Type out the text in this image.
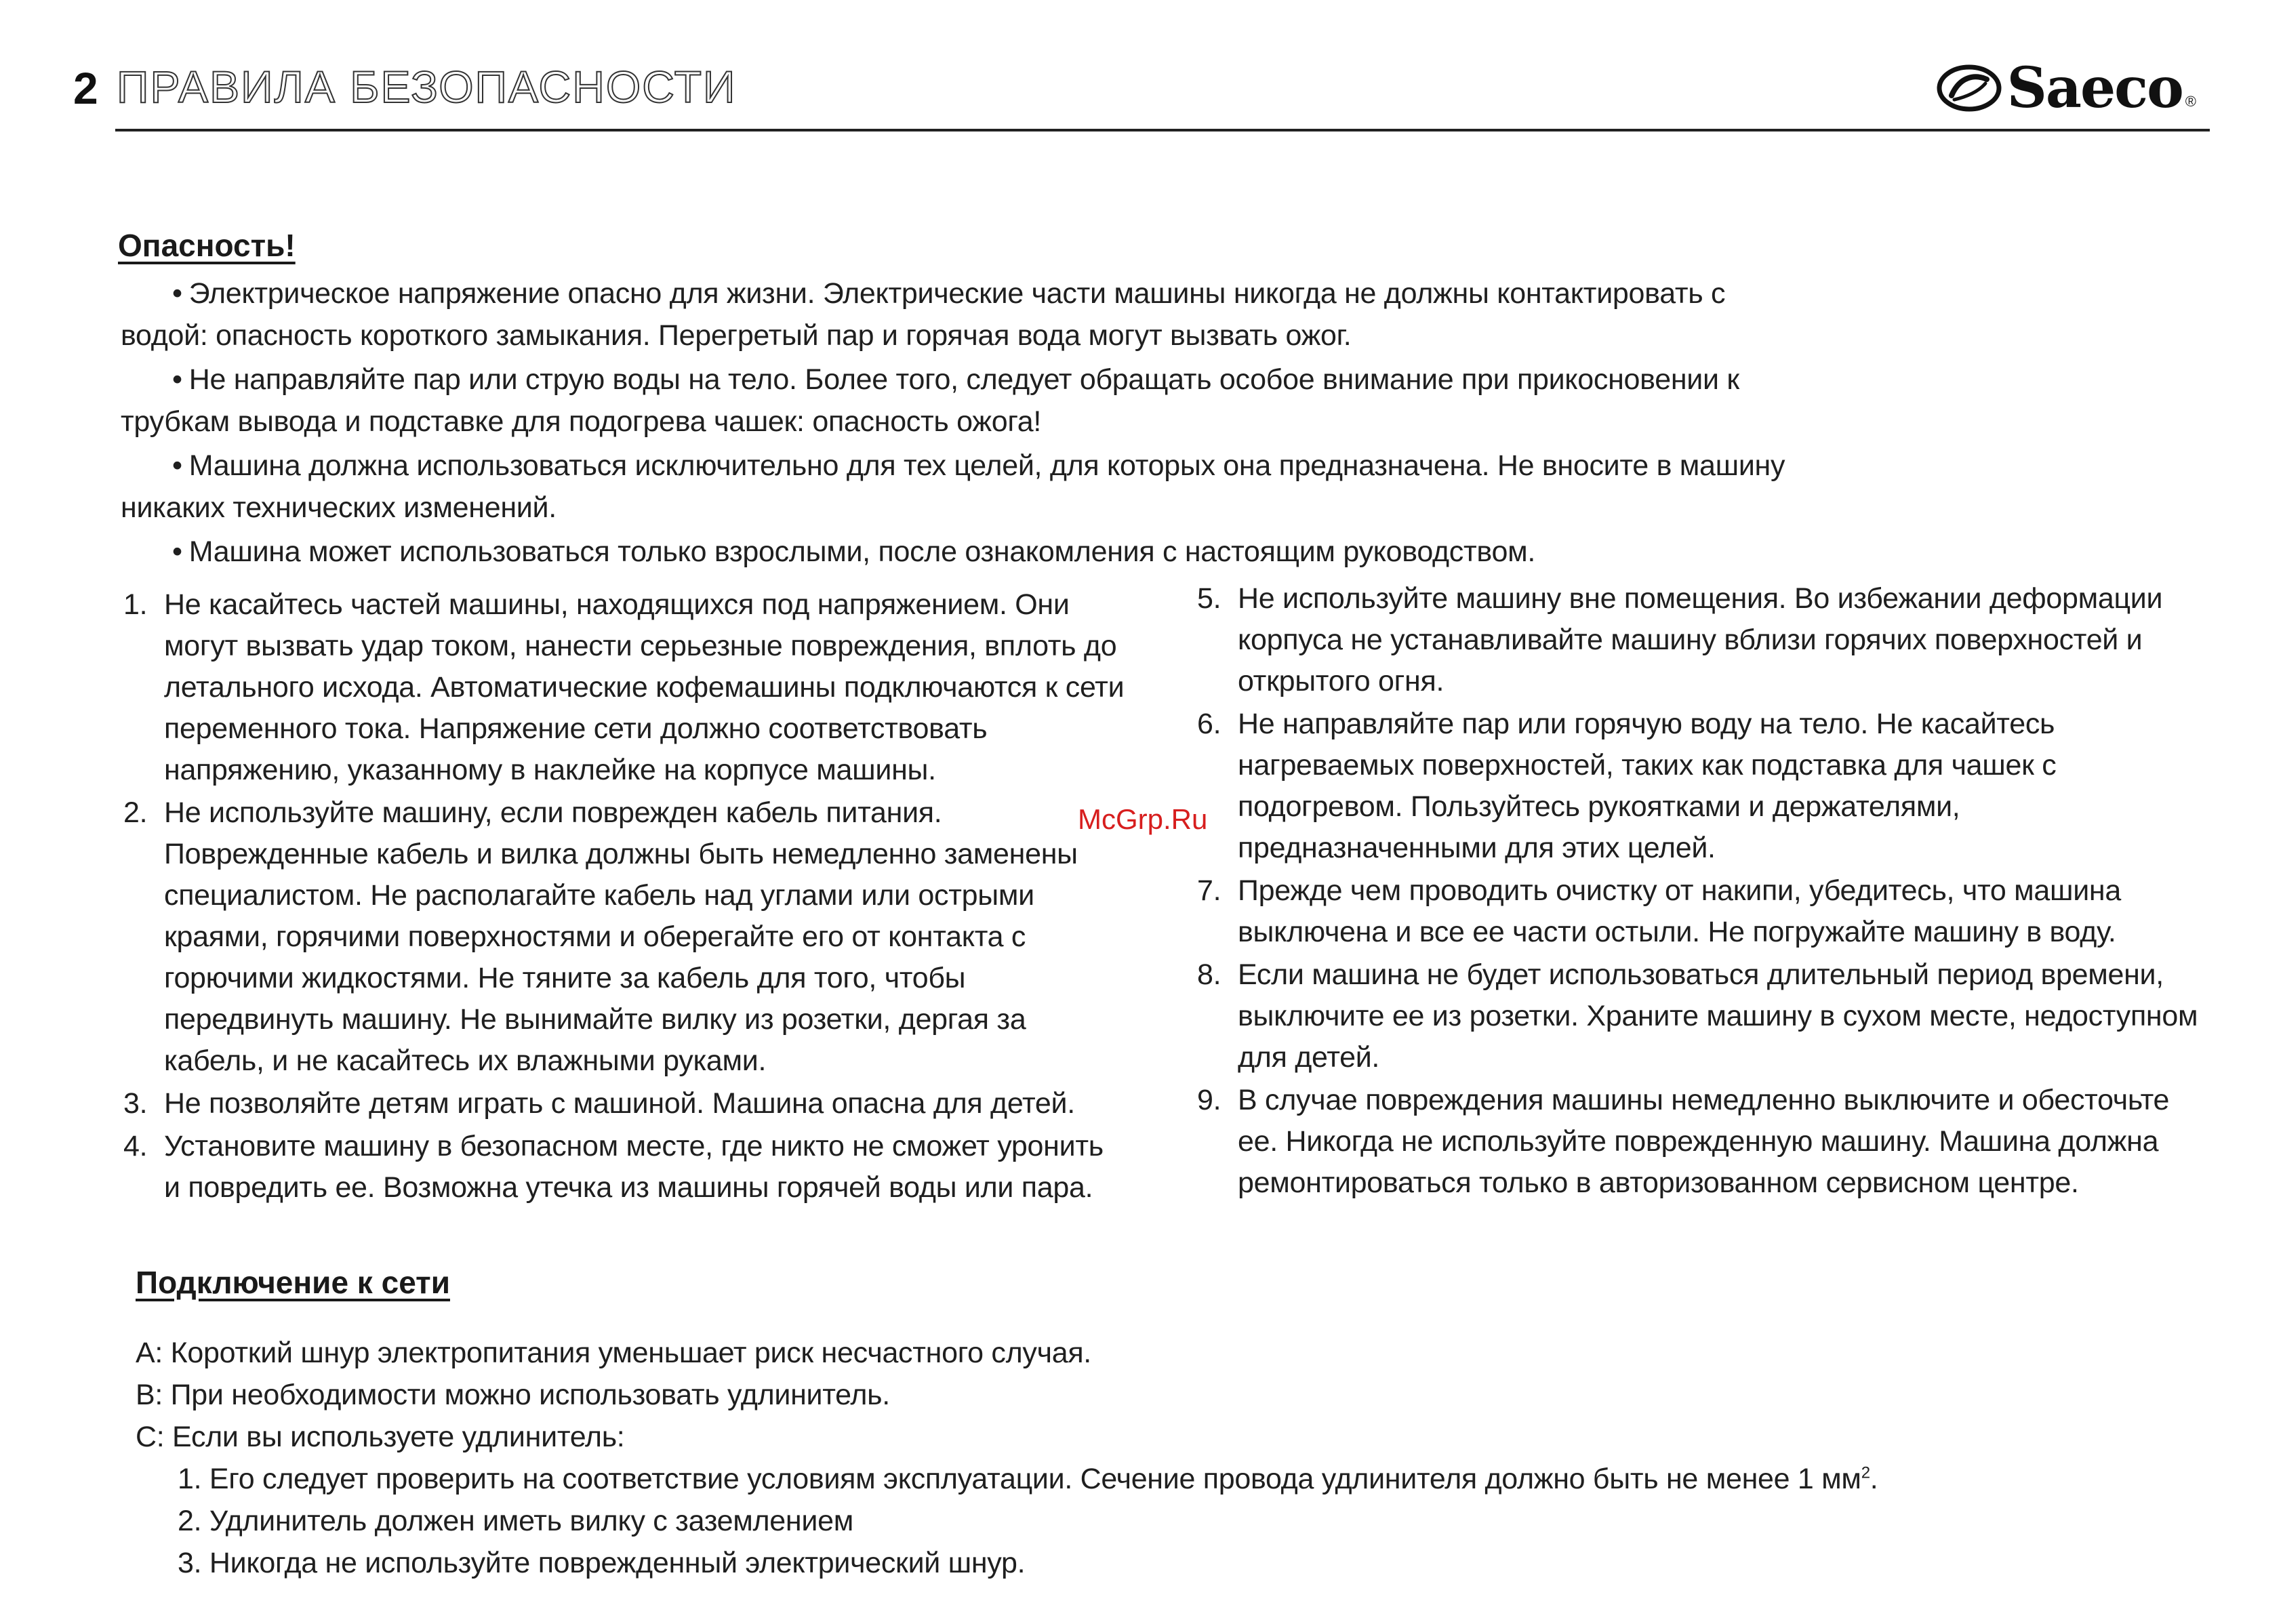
2 ПРАВИЛА БЕЗОПАСНОСТИ	Saeco ®
Опасность!

• Электрическое напряжение опасно для жизни. Электрические части машины никогда не должны контактировать с водой: опасность короткого замыкания. Перегретый пар и горячая вода могут вызвать ожог.

• Не направляйте пар или струю воды на тело. Более того, следует обращать особое внимание при прикосновении к трубкам вывода и подставке для подогрева чашек: опасность ожога!

• Машина должна использоваться исключительно для тех целей, для которых она предназначена. Не вносите в машину никаких технических изменений.

• Машина может использоваться только взрослыми, после ознакомления с настоящим руководством.

1. Не касайтесь частей машины, находящихся под напряжением. Они могут вызвать удар током, нанести серьезные повреждения, вплоть до летального исхода. Автоматические кофемашины подключаются к сети переменного тока. Напряжение сети должно соответствовать напряжению, указанному в наклейке на корпусе машины.
2. Не используйте машину, если поврежден кабель питания. Поврежденные кабель и вилка должны быть немедленно заменены специалистом. Не располагайте кабель над углами или острыми краями, горячими поверхностями и оберегайте его от контакта с горючими жидкостями. Не тяните за кабель для того, чтобы передвинуть машину. Не вынимайте вилку из розетки, дергая за кабель, и не касайтесь их влажными руками.
3. Не позволяйте детям играть с машиной. Машина опасна для детей.
4. Установите машину в безопасном месте, где никто не сможет уронить и повредить ее. Возможна утечка из машины горячей воды или пара.
5. Не используйте машину вне помещения. Во избежании деформации корпуса не устанавливайте машину вблизи горячих поверхностей и открытого огня.
6. Не направляйте пар или горячую воду на тело. Не касайтесь нагреваемых поверхностей, таких как подставка для чашек с подогревом. Пользуйтесь рукоятками и держателями, предназначенными для этих целей.
7. Прежде чем проводить очистку от накипи, убедитесь, что машина выключена и все ее части остыли. Не погружайте машину в воду.
8. Если машина не будет использоваться длительный период времени, выключите ее из розетки. Храните машину в сухом месте, недоступном для детей.
9. В случае повреждения машины немедленно выключите и обесточьте ее. Никогда не используйте поврежденную машину. Машина должна ремонтироваться только в авторизованном сервисном центре.
McGrp.Ru
Подключение к сети

A: Короткий шнур электропитания уменьшает риск несчастного случая.

B: При необходимости можно использовать удлинитель.

C: Если вы используете удлинитель:

1. Его следует проверить на соответствие условиям эксплуатации. Сечение провода удлинителя должно быть не менее 1 $мм^2$.

2. Удлинитель должен иметь вилку с заземлением

3. Никогда не используйте поврежденный электрический шнур.
